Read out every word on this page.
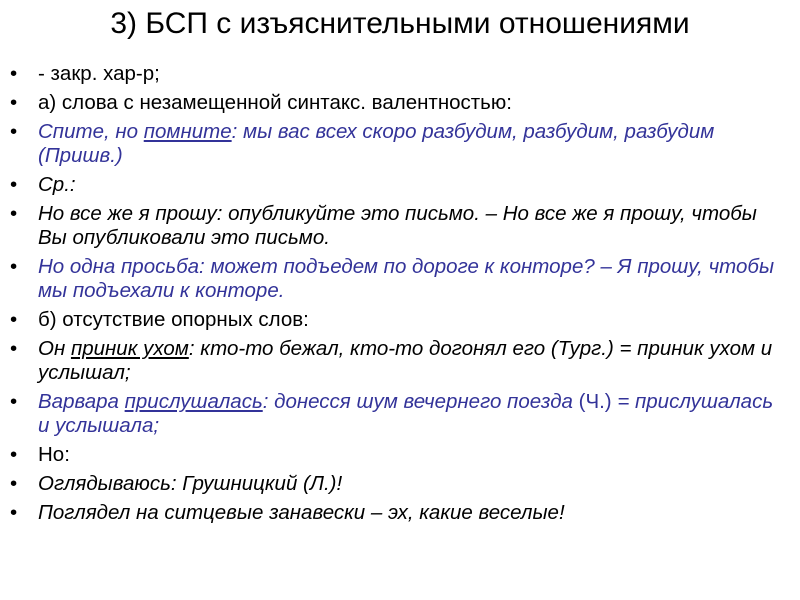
3) БСП с изъяснительными отношениями
•	- закр. хар-р;
•	а) слова с незамещенной синтакс. валентностью:
•	Спите, но помните: мы вас всех скоро разбудим, разбудим, разбудим (Пришв.)
•	Ср.:
•	Но все же я прошу: опубликуйте это письмо. – Но все же я прошу, чтобы Вы опубликовали это письмо.
•	Но одна просьба: может подъедем по дороге к конторе? – Я прошу, чтобы мы подъехали к конторе.
•	б) отсутствие опорных слов:
•	Он приник ухом: кто-то бежал, кто-то догонял его (Тург.) = приник ухом и услышал;
•	Варвара прислушалась: донесся шум вечернего поезда (Ч.) = прислушалась и услышала;
•	Но:
•	Оглядываюсь: Грушницкий (Л.)!
•	Поглядел на ситцевые занавески – эх, какие веселые!
